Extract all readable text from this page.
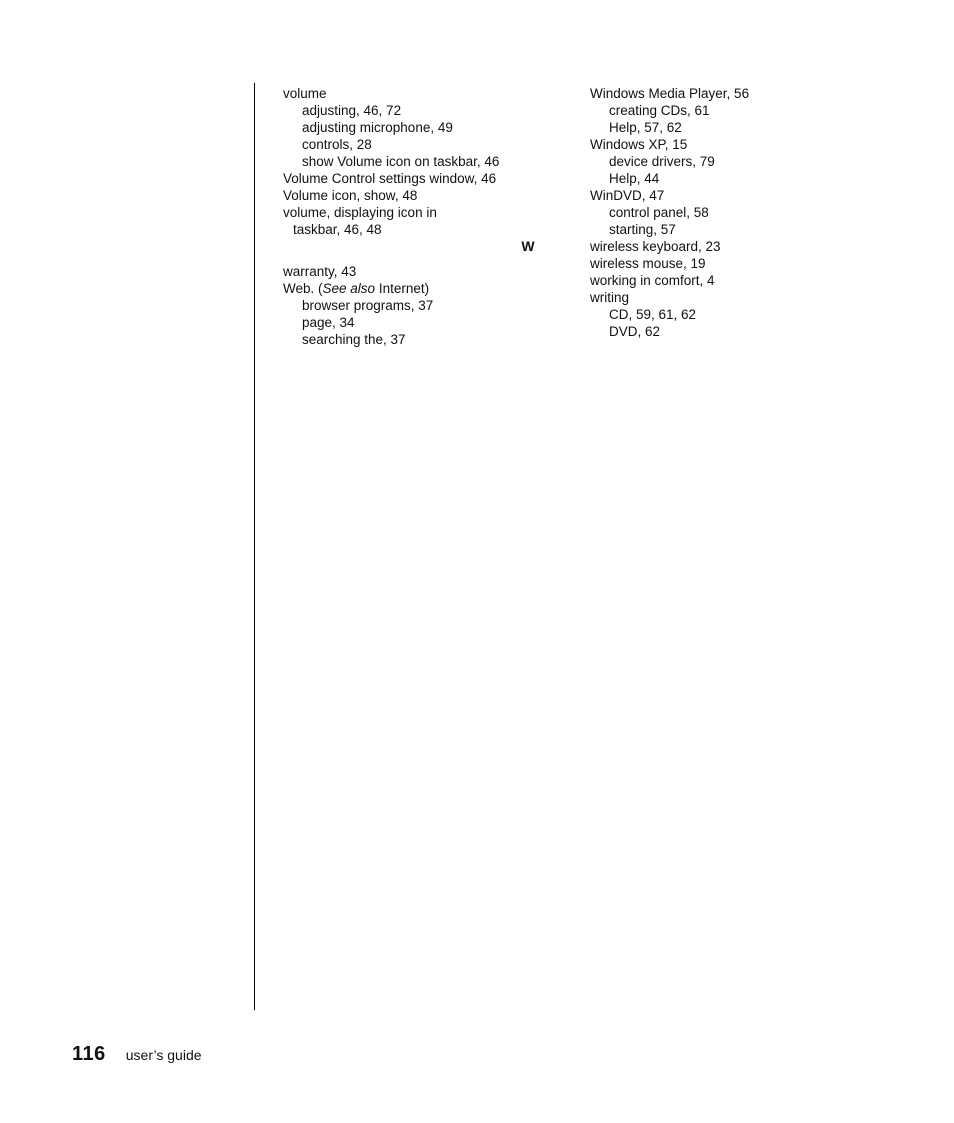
volume
adjusting, 46, 72
adjusting microphone, 49
controls, 28
show Volume icon on taskbar, 46
Volume Control settings window, 46
Volume icon, show, 48
volume, displaying icon in
taskbar, 46, 48
W
warranty, 43
Web. (See also Internet)
browser programs, 37
page, 34
searching the, 37
Windows Media Player, 56
creating CDs, 61
Help, 57, 62
Windows XP, 15
device drivers, 79
Help, 44
WinDVD, 47
control panel, 58
starting, 57
wireless keyboard, 23
wireless mouse, 19
working in comfort, 4
writing
CD, 59, 61, 62
DVD, 62
116 user’s guide
